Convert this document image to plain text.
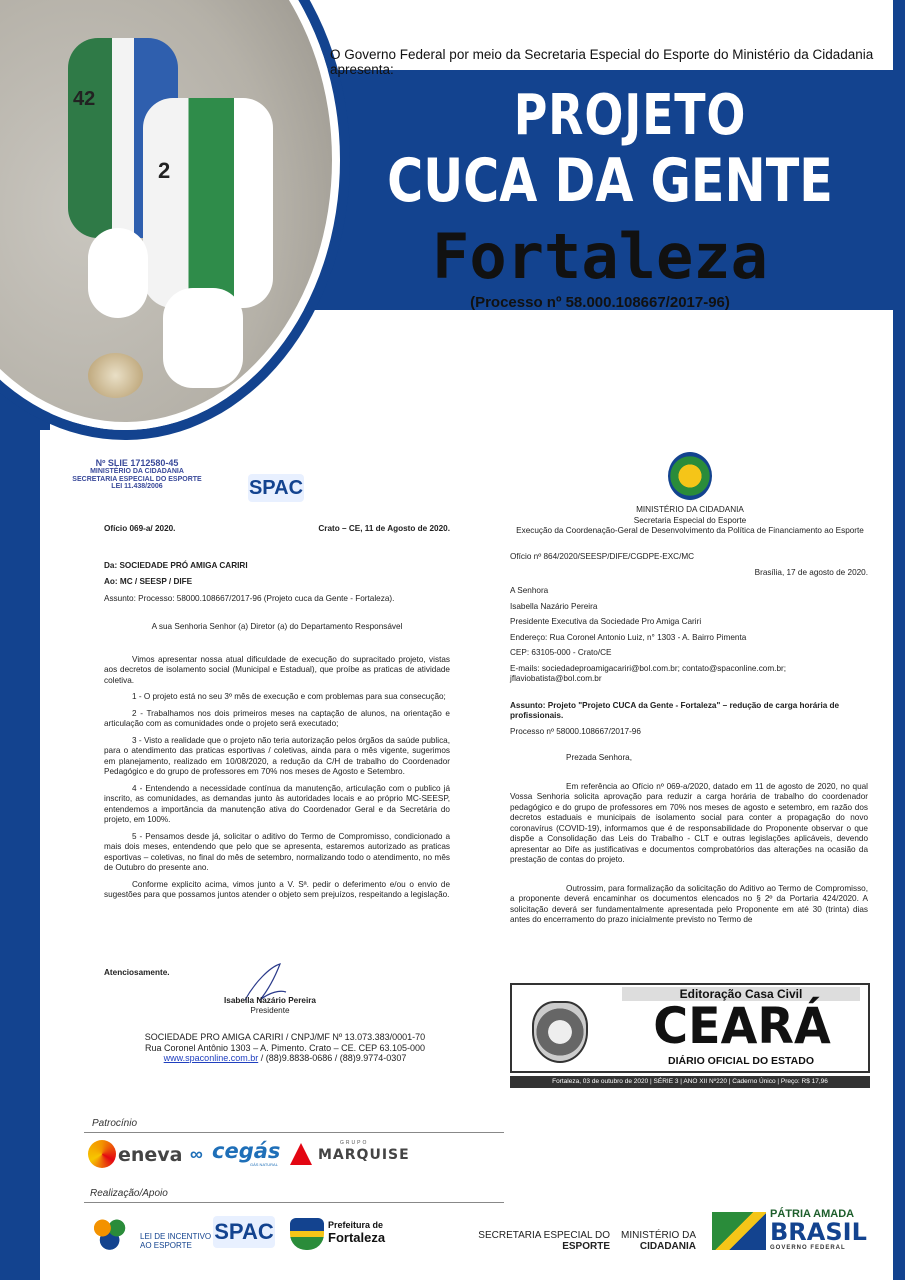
42
2
O Governo Federal por meio da Secretaria Especial do Esporte do Ministério da Cidadania apresenta:
PROJETO
CUCA DA GENTE
Fortaleza
(Processo nº 58.000.108667/2017-96)
Nº SLIE 1712580-45
MINISTÉRIO DA CIDADANIA
SECRETARIA ESPECIAL DO ESPORTE
LEI 11.438/2006	SPAC
Ofício 069-a/ 2020.	Crato – CE, 11 de Agosto de 2020.
Da: SOCIEDADE PRÓ AMIGA CARIRI
Ao: MC / SEESP / DIFE
Assunto: Processo: 58000.108667/2017-96 (Projeto cuca da Gente - Fortaleza).
A sua Senhoria Senhor (a) Diretor (a) do Departamento Responsável

Vimos apresentar nossa atual dificuldade de execução do supracitado projeto, vistas aos decretos de isolamento social (Municipal e Estadual), que proíbe as praticas de atividade coletiva.

1 - O projeto está no seu 3º mês de execução e com problemas para sua consecução;

2 - Trabalhamos nos dois primeiros meses na captação de alunos, na orientação e articulação com as comunidades onde o projeto será executado;

3 - Visto a realidade que o projeto não teria autorização pelos órgãos da saúde publica, para o atendimento das praticas esportivas / coletivas, ainda para o mês vigente, sugerimos em planejamento, realizado em 10/08/2020, a redução da C/H de trabalho do Coordenador Pedagógico e do grupo de professores em 70% nos meses de Agosto e Setembro.

4 - Entendendo a necessidade contínua da manutenção, articulação com o publico já inscrito, as comunidades, as demandas junto às autoridades locais e ao próprio MC-SEESP, entendemos a importância da manutenção ativa do Coordenador Geral e da Secretária do projeto, em 100%.

5 - Pensamos desde já, solicitar o aditivo do Termo de Compromisso, condicionado a mais dois meses, entendendo que pelo que se apresenta, estaremos autorizado as praticas esportivas – coletivas, no final do mês de setembro, normalizando todo o atendimento, no mês de Outubro do presente ano.

Conforme explicito acima, vimos junto a V. Sª. pedir o deferimento e/ou o envio de sugestões para que possamos juntos atender o objeto sem prejuízos, respeitando a legislação.

Atenciosamente.
Isabella Nazário Pereira
Presidente
SOCIEDADE PRO AMIGA CARIRI / CNPJ/MF Nº 13.073.383/0001-70
Rua Coronel Antônio 1303 – A. Pimento. Crato – CE. CEP 63.105-000
www.spaconline.com.br / (88)9.8838-0686 / (88)9.9774-0307
MINISTÉRIO DA CIDADANIA
Secretaria Especial do Esporte
Execução da Coordenação-Geral de Desenvolvimento da Política de Financiamento ao Esporte

Ofício nº 864/2020/SEESP/DIFE/CGDPE-EXC/MC

Brasília, 17 de agosto de 2020.

A Senhora

Isabella Nazário Pereira

Presidente Executiva da Sociedade Pro Amiga Cariri

Endereço: Rua Coronel Antonio Luiz, n° 1303 - A. Bairro Pimenta

CEP: 63105-000 - Crato/CE

E-mails: sociedadeproamigacariri@bol.com.br; contato@spaconline.com.br; jflaviobatista@bol.com.br

Assunto: Projeto "Projeto CUCA da Gente - Fortaleza" – redução de carga horária de profissionais.

Processo nº 58000.108667/2017-96

Prezada Senhora,

Em referência ao Ofício nº 069-a/2020, datado em 11 de agosto de 2020, no qual Vossa Senhoria solicita aprovação para reduzir a carga horária de trabalho do coordenador pedagógico e do grupo de professores em 70% nos meses de agosto e setembro, em razão dos decretos estaduais e municipais de isolamento social para conter a propagação do novo coronavírus (COVID-19), informamos que é de responsabilidade do Proponente observar o que dispõe a Consolidação das Leis do Trabalho - CLT e outras legislações aplicáveis, devendo apresentar ao Dife as justificativas e documentos comprobatórios das alterações na ocasião da prestação de contas do projeto.

Outrossim, para formalização da solicitação do Aditivo ao Termo de Compromisso, a proponente deverá encaminhar os documentos elencados no § 2º da Portaria 424/2020. A solicitação deverá ser fundamentalmente apresentada pelo Proponente em até 30 (trinta) dias antes do encerramento do prazo inicialmente previsto no Termo de

Editoração Casa Civil
CEARÁ
DIÁRIO OFICIAL DO ESTADO
Fortaleza, 03 de outubro de 2020 | SÉRIE 3 | ANO XII Nº220 | Caderno Único | Preço: R$ 17,96
Patrocínio
eneva ∞ cegás
GÁS NATURAL
GRUPO
MARQUISE
Realização/Apoio
LEI DE INCENTIVO
AO ESPORTE
SPAC	Prefeitura de
Fortaleza	SECRETARIA ESPECIAL DO
ESPORTE
MINISTÉRIO DA
CIDADANIA
PÁTRIA AMADA
BRASIL
GOVERNO FEDERAL
